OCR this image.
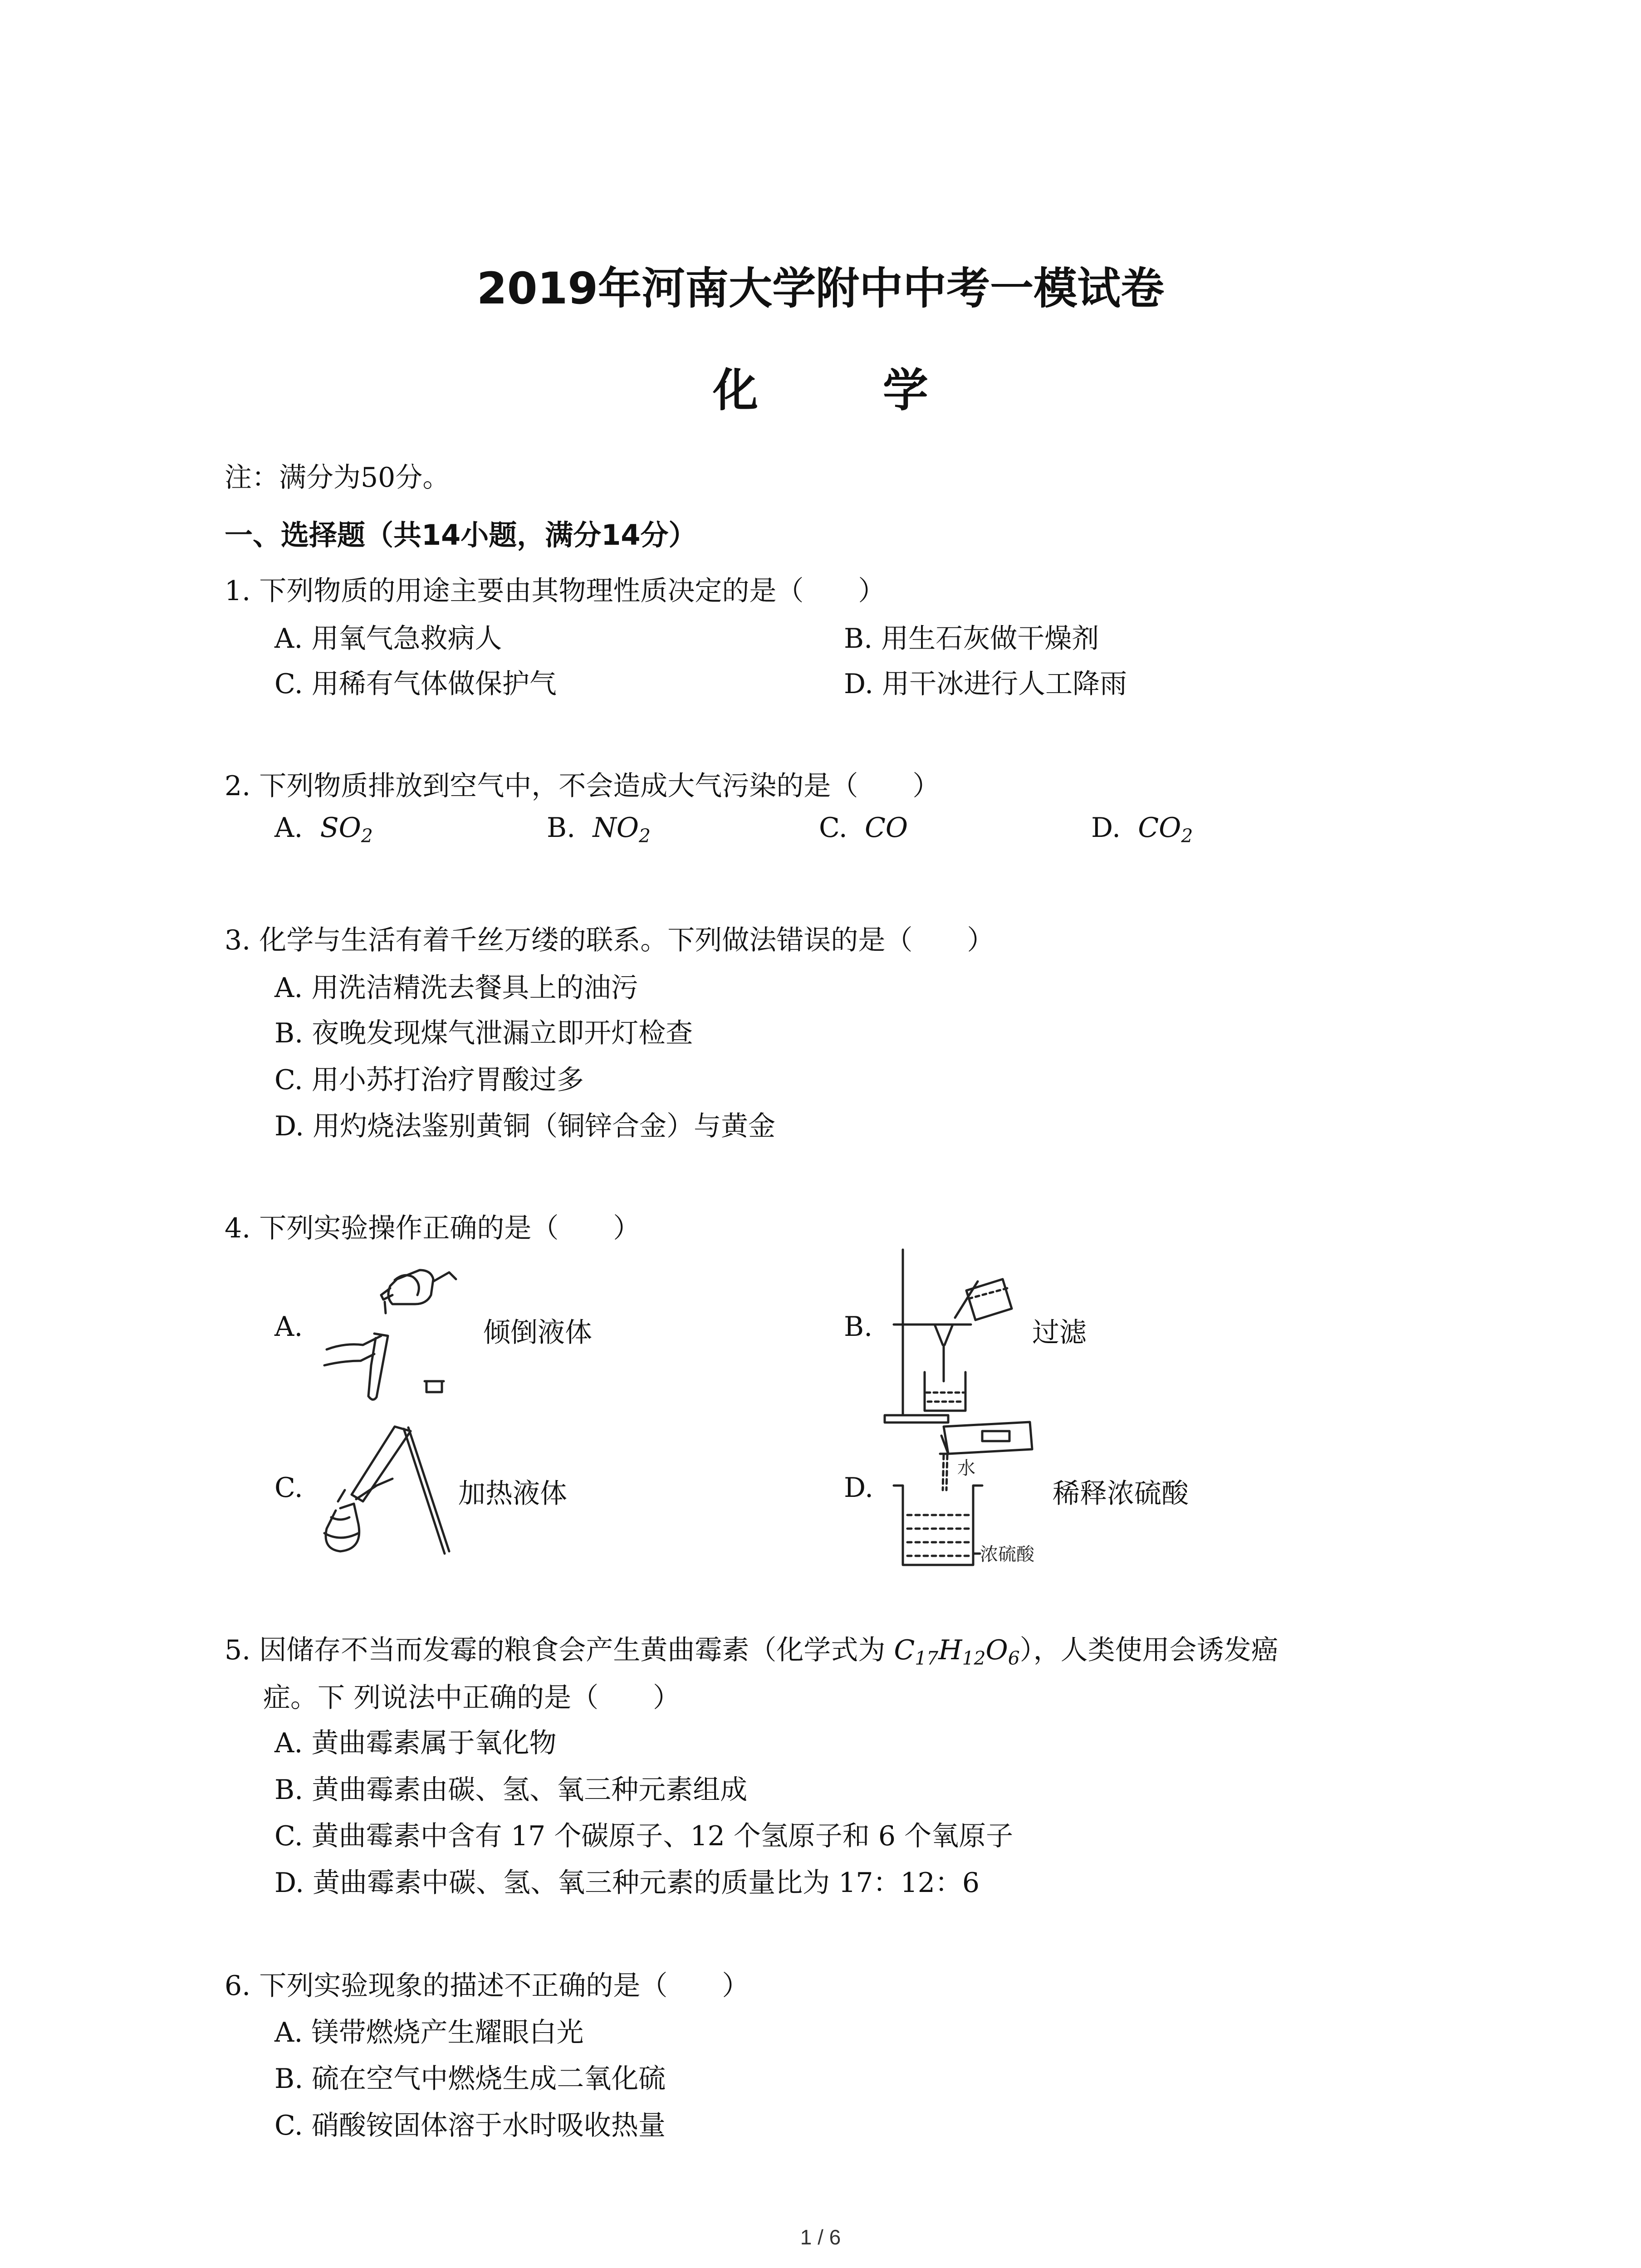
2019年河南大学附中中考一模试卷
化 学
注：满分为50分。
一、选择题（共14小题，满分14分）
1. 下列物质的用途主要由其物理性质决定的是（　　）
A. 用氧气急救病人	B. 用生石灰做干燥剂
C. 用稀有气体做保护气	D. 用干冰进行人工降雨
2. 下列物质排放到空气中，不会造成大气污染的是（　　）
A. $SO_2$	B. $NO_2$	C. CO	D. $CO_2$
3. 化学与生活有着千丝万缕的联系。下列做法错误的是（　　）
A. 用洗洁精洗去餐具上的油污
B. 夜晚发现煤气泄漏立即开灯检查
C. 用小苏打治疗胃酸过多
D. 用灼烧法鉴别黄铜（铜锌合金）与黄金
4. 下列实验操作正确的是（　　）
A.	倾倒液体	B.	过滤
C.	加热液体	D.
水
浓硫酸
稀释浓硫酸
5. 因储存不当而发霉的粮食会产生黄曲霉素（化学式为 $C_{17}H_{12}O_6$），人类使用会诱发癌
症。下 列说法中正确的是（　　）
A. 黄曲霉素属于氧化物
B. 黄曲霉素由碳、氢、氧三种元素组成
C. 黄曲霉素中含有 17 个碳原子、12 个氢原子和 6 个氧原子
D. 黄曲霉素中碳、氢、氧三种元素的质量比为 17：12：6
6. 下列实验现象的描述不正确的是（　　）
A. 镁带燃烧产生耀眼白光
B. 硫在空气中燃烧生成二氧化硫
C. 硝酸铵固体溶于水时吸收热量
1 / 6
